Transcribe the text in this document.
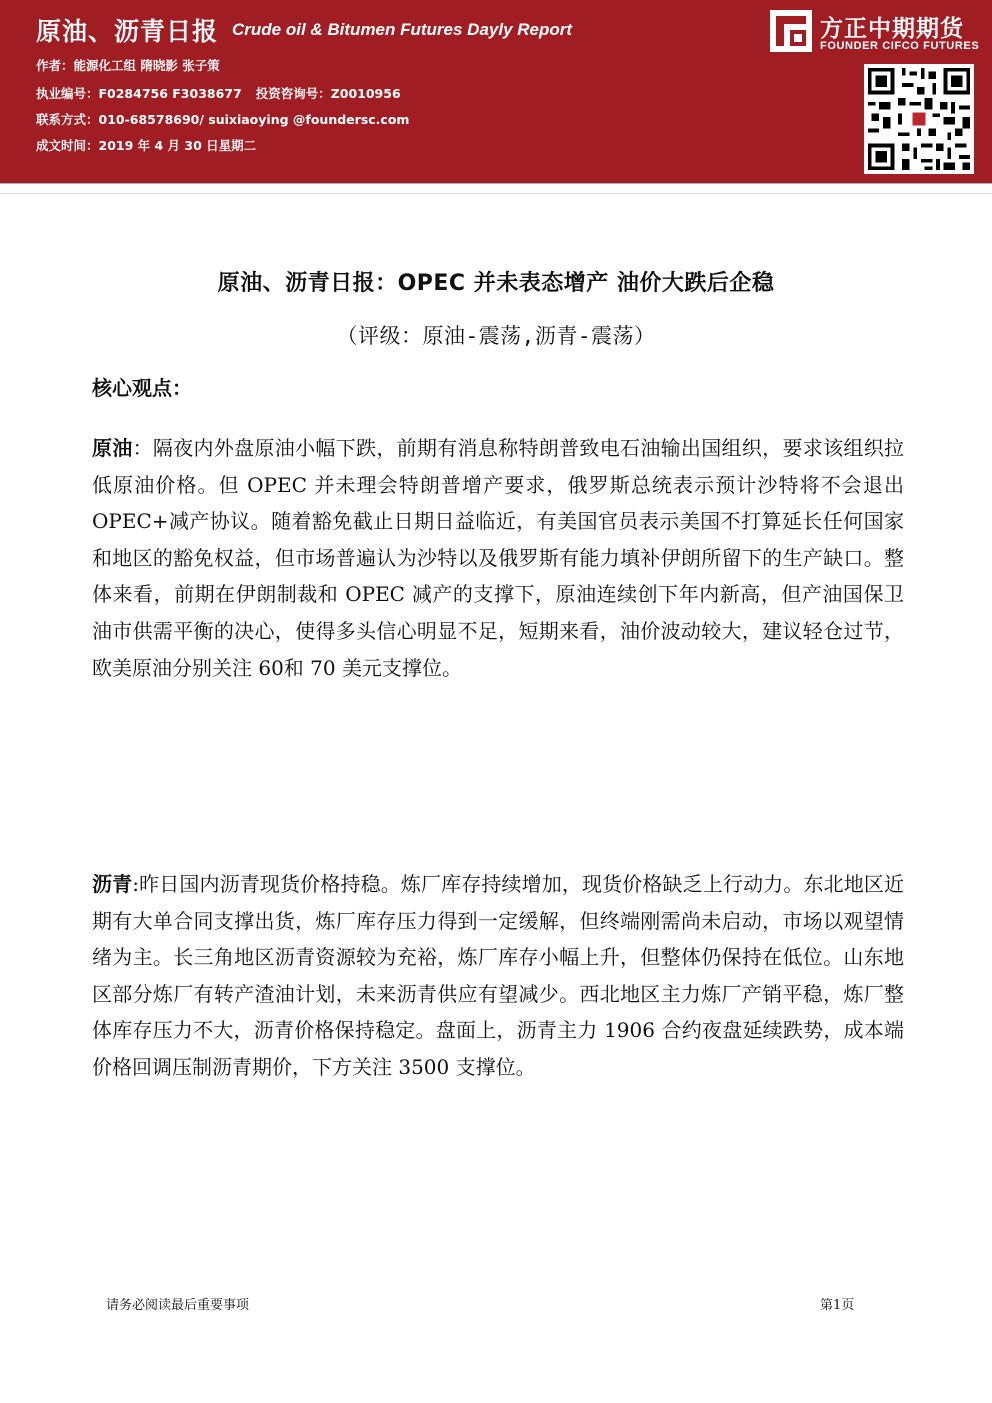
原油、沥青日报 Crude oil & Bitumen Futures Dayly Report
作者：能源化工组 隋晓影 张子策
执业编号：F0284756 F3038677 投资咨询号：Z0010956
联系方式：010-68578690/ suixiaoying @foundersc.com
成文时间：2019 年 4 月 30 日星期二
方正中期期货
FOUNDER CIFCO FUTURES
原油、沥青日报：OPEC 并未表态增产 油价大跌后企稳
（评级：原油-震荡,沥青-震荡）
核心观点：
原油：隔夜内外盘原油小幅下跌，前期有消息称特朗普致电石油输出国组织，要求该组织拉低原油价格。但 OPEC 并未理会特朗普增产要求，俄罗斯总统表示预计沙特将不会退出 OPEC+减产协议。随着豁免截止日期日益临近，有美国官员表示美国不打算延长任何国家和地区的豁免权益，但市场普遍认为沙特以及俄罗斯有能力填补伊朗所留下的生产缺口。整体来看，前期在伊朗制裁和 OPEC 减产的支撑下，原油连续创下年内新高，但产油国保卫油市供需平衡的决心，使得多头信心明显不足，短期来看，油价波动较大，建议轻仓过节，欧美原油分别关注 60和 70 美元支撑位。
沥青:昨日国内沥青现货价格持稳。炼厂库存持续增加，现货价格缺乏上行动力。东北地区近期有大单合同支撑出货，炼厂库存压力得到一定缓解，但终端刚需尚未启动，市场以观望情绪为主。长三角地区沥青资源较为充裕，炼厂库存小幅上升，但整体仍保持在低位。山东地区部分炼厂有转产渣油计划，未来沥青供应有望减少。西北地区主力炼厂产销平稳，炼厂整体库存压力不大，沥青价格保持稳定。盘面上，沥青主力 1906 合约夜盘延续跌势，成本端价格回调压制沥青期价，下方关注 3500 支撑位。
请务必阅读最后重要事项	第1页
